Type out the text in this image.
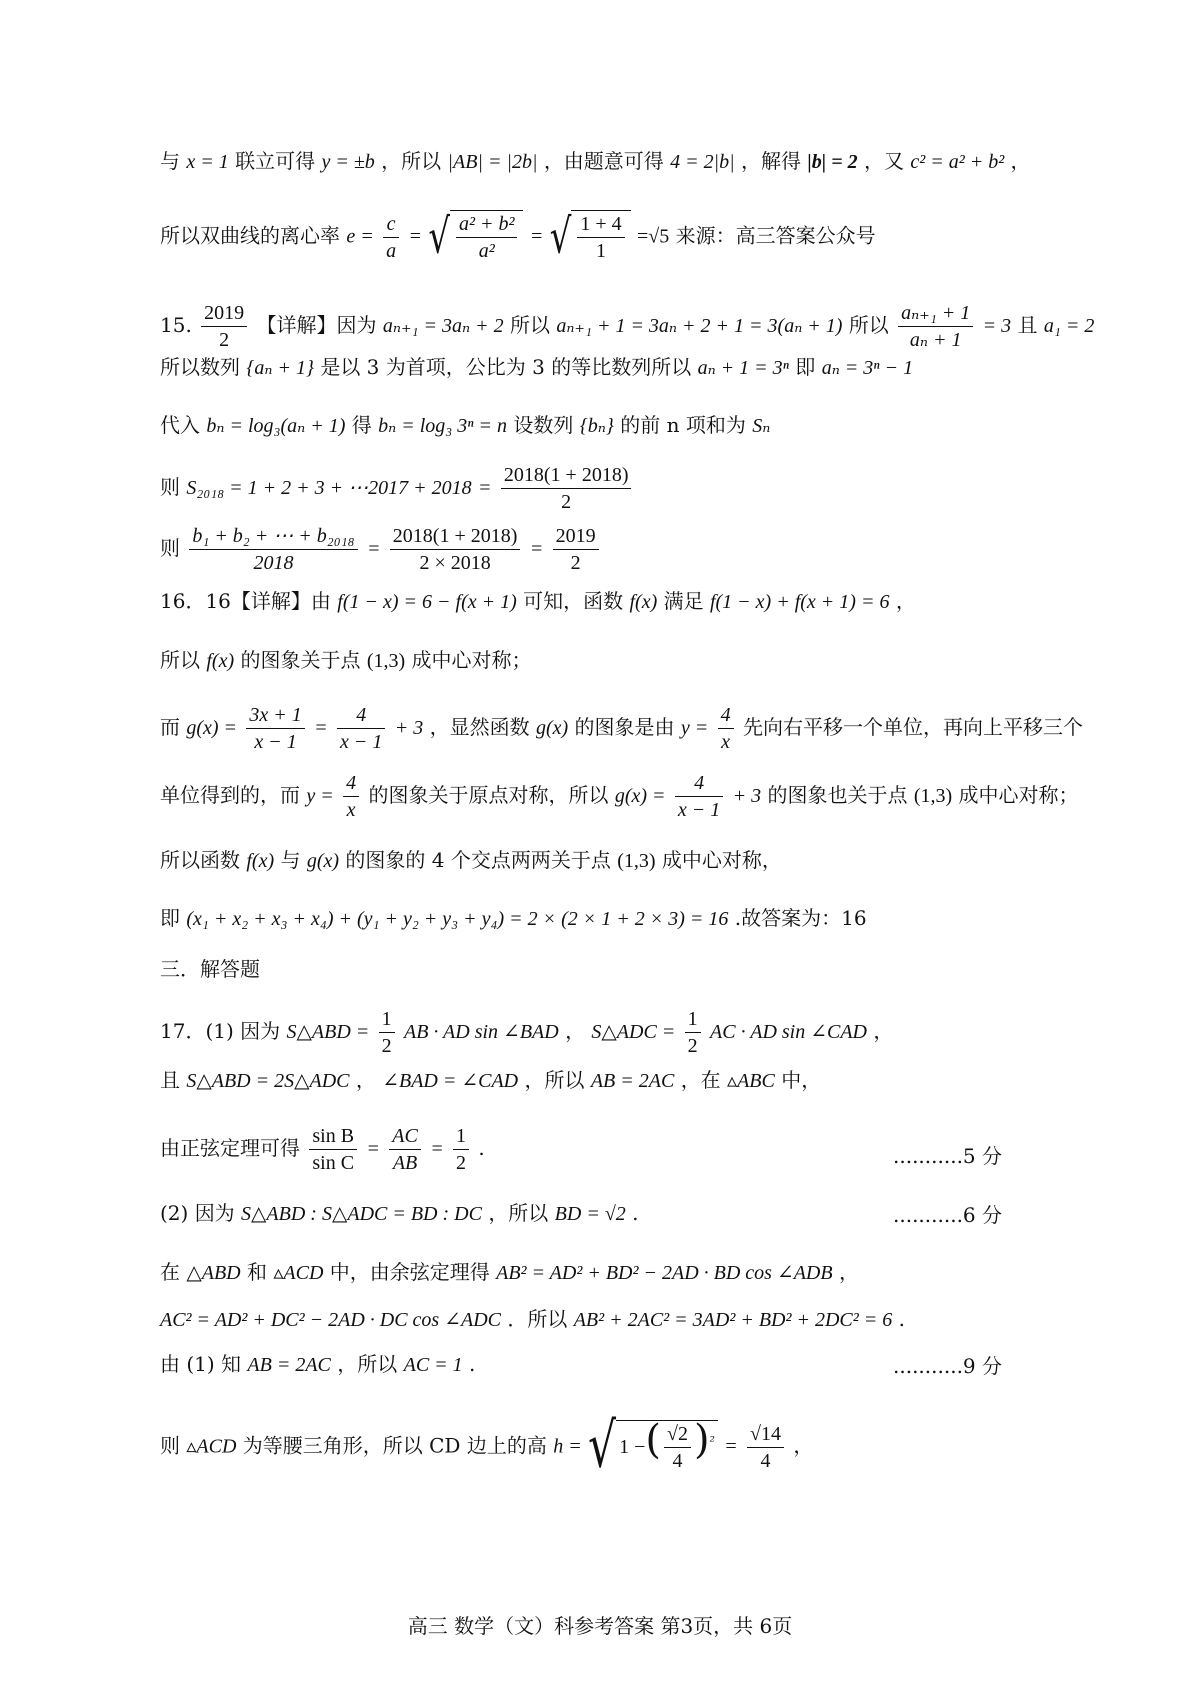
与 x = 1 联立可得 y = ±b ，所以 |AB| = |2b| ，由题意可得 4 = 2|b| ，解得 |b| = 2 ，又 c² = a² + b² ，
所以双曲线的离心率 $e = \frac{c}{a}$ = √ $\frac{\text{a² + b²}}{\text{a²}}$ = √ $\frac{1 + 4}{1} =√5$ 来源：高三答案公众号
15. $\frac{2019}{2}$ 【详解】因为 aₙ₊₁ = 3aₙ + 2 所以 aₙ₊₁ + 1 = 3aₙ + 2 + 1 = 3(aₙ + 1) 所以 $\frac{\text{aₙ₊₁ + 1}}{\text{aₙ + 1}} = 3$ 且 a₁ = 2
所以数列 {aₙ + 1} 是以 3 为首项，公比为 3 的等比数列所以 aₙ + 1 = 3ⁿ 即 aₙ = 3ⁿ − 1
代入 bₙ = log₃(aₙ + 1) 得 bₙ = log₃ 3ⁿ = n 设数列 {bₙ} 的前 n 项和为 Sₙ
则 S₂₀₁₈ = 1 + 2 + 3 + ⋯2017 + $2018 = \frac{2018(1 + 2018)}{2}$
则 $\frac{\text{b₁ + b₂ + ⋯ + b₂₀₁₈}}{2018} = \frac{2018(1 + 2018)}{2 \times 2018} = \frac{2019}{2}$
16．16【详解】由 f(1 − x) = 6 − f(x + 1) 可知，函数 f(x) 满足 f(1 − x) + f(x + 1) = 6 ，
所以 f(x) 的图象关于点 (1,3) 成中心对称；
而 $g(x) = \frac{3x + 1}{x - 1} = \frac{4}{x - 1} + 3$ ，显然函数 g(x) 的图象是由 $y = \frac{4}{x}$ 先向右平移一个单位，再向上平移三个
单位得到的，而 $y = \frac{4}{x}$ 的图象关于原点对称，所以 $g(x) = \frac{4}{x - 1} + 3$ 的图象也关于点 (1,3) 成中心对称；
所以函数 f(x) 与 g(x) 的图象的 4 个交点两两关于点 (1,3) 成中心对称，
即 (x₁ + x₂ + x₃ + x₄) + (y₁ + y₂ + y₃ + y₄) = 2 × (2 × 1 + 2 × 3) = 16 .故答案为：16
三．解答题
17．(1) 因为 S△ABD = $\frac{1}{2}$ AB · AD sin ∠BAD ， S△ADC = $\frac{1}{2}$ AC · AD sin ∠CAD ，
且 S△ABD = 2S△ADC ， ∠BAD = ∠CAD ，所以 AB = 2AC ，在 ▵ABC 中，
由正弦定理可得 $\frac{\text{sin B}}{\text{sin C}} = \frac{AC}{AB} = \frac{1}{2}$ .	...........5 分
(2) 因为 S△ABD : S△ADC = BD : DC ，所以 BD = √2 .	...........6 分
在 △ABD 和 ▵ACD 中，由余弦定理得 AB² = AD² + BD² − 2AD · BD cos ∠ADB ，
AC² = AD² + DC² − 2AD · DC cos ∠ADC ．所以 AB² + 2AC² = 3AD² + BD² + 2DC² = 6 .
由 (1) 知 AB = 2AC ，所以 AC = 1 .	...........9 分
则 ▵ACD 为等腰三角形，所以 CD 边上的高 h = √ 1 −( $\frac{√2}{4} )^{^2} = \frac{√14}{4}$ ，
高三 数学（文）科参考答案 第3页，共 6页
